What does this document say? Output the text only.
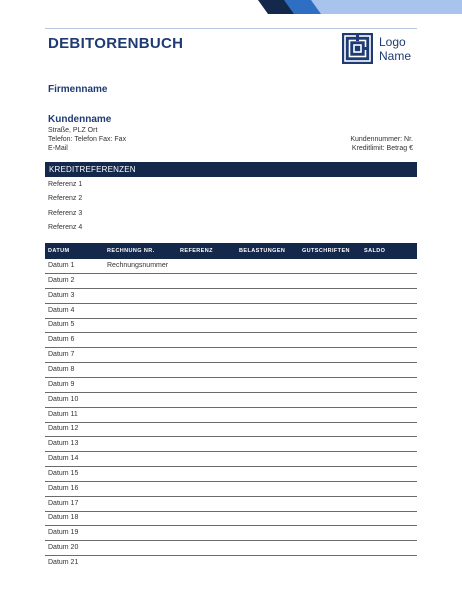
DEBITORENBUCH	Logo
Name
Firmenname
Kundenname
Straße, PLZ Ort
Telefon: Telefon Fax: Fax
E-Mail
Kundennummer: Nr.
Kreditlimit: Betrag €
KREDITREFERENZEN
Referenz 1
Referenz 2
Referenz 3
Referenz 4
DATUM	RECHNUNG NR.	REFERENZ	BELASTUNGEN	GUTSCHRIFTEN	SALDO
Datum 1	Rechnungsnummer
Datum 2
Datum 3
Datum 4
Datum 5
Datum 6
Datum 7
Datum 8
Datum 9
Datum 10
Datum 11
Datum 12
Datum 13
Datum 14
Datum 15
Datum 16
Datum 17
Datum 18
Datum 19
Datum 20
Datum 21
